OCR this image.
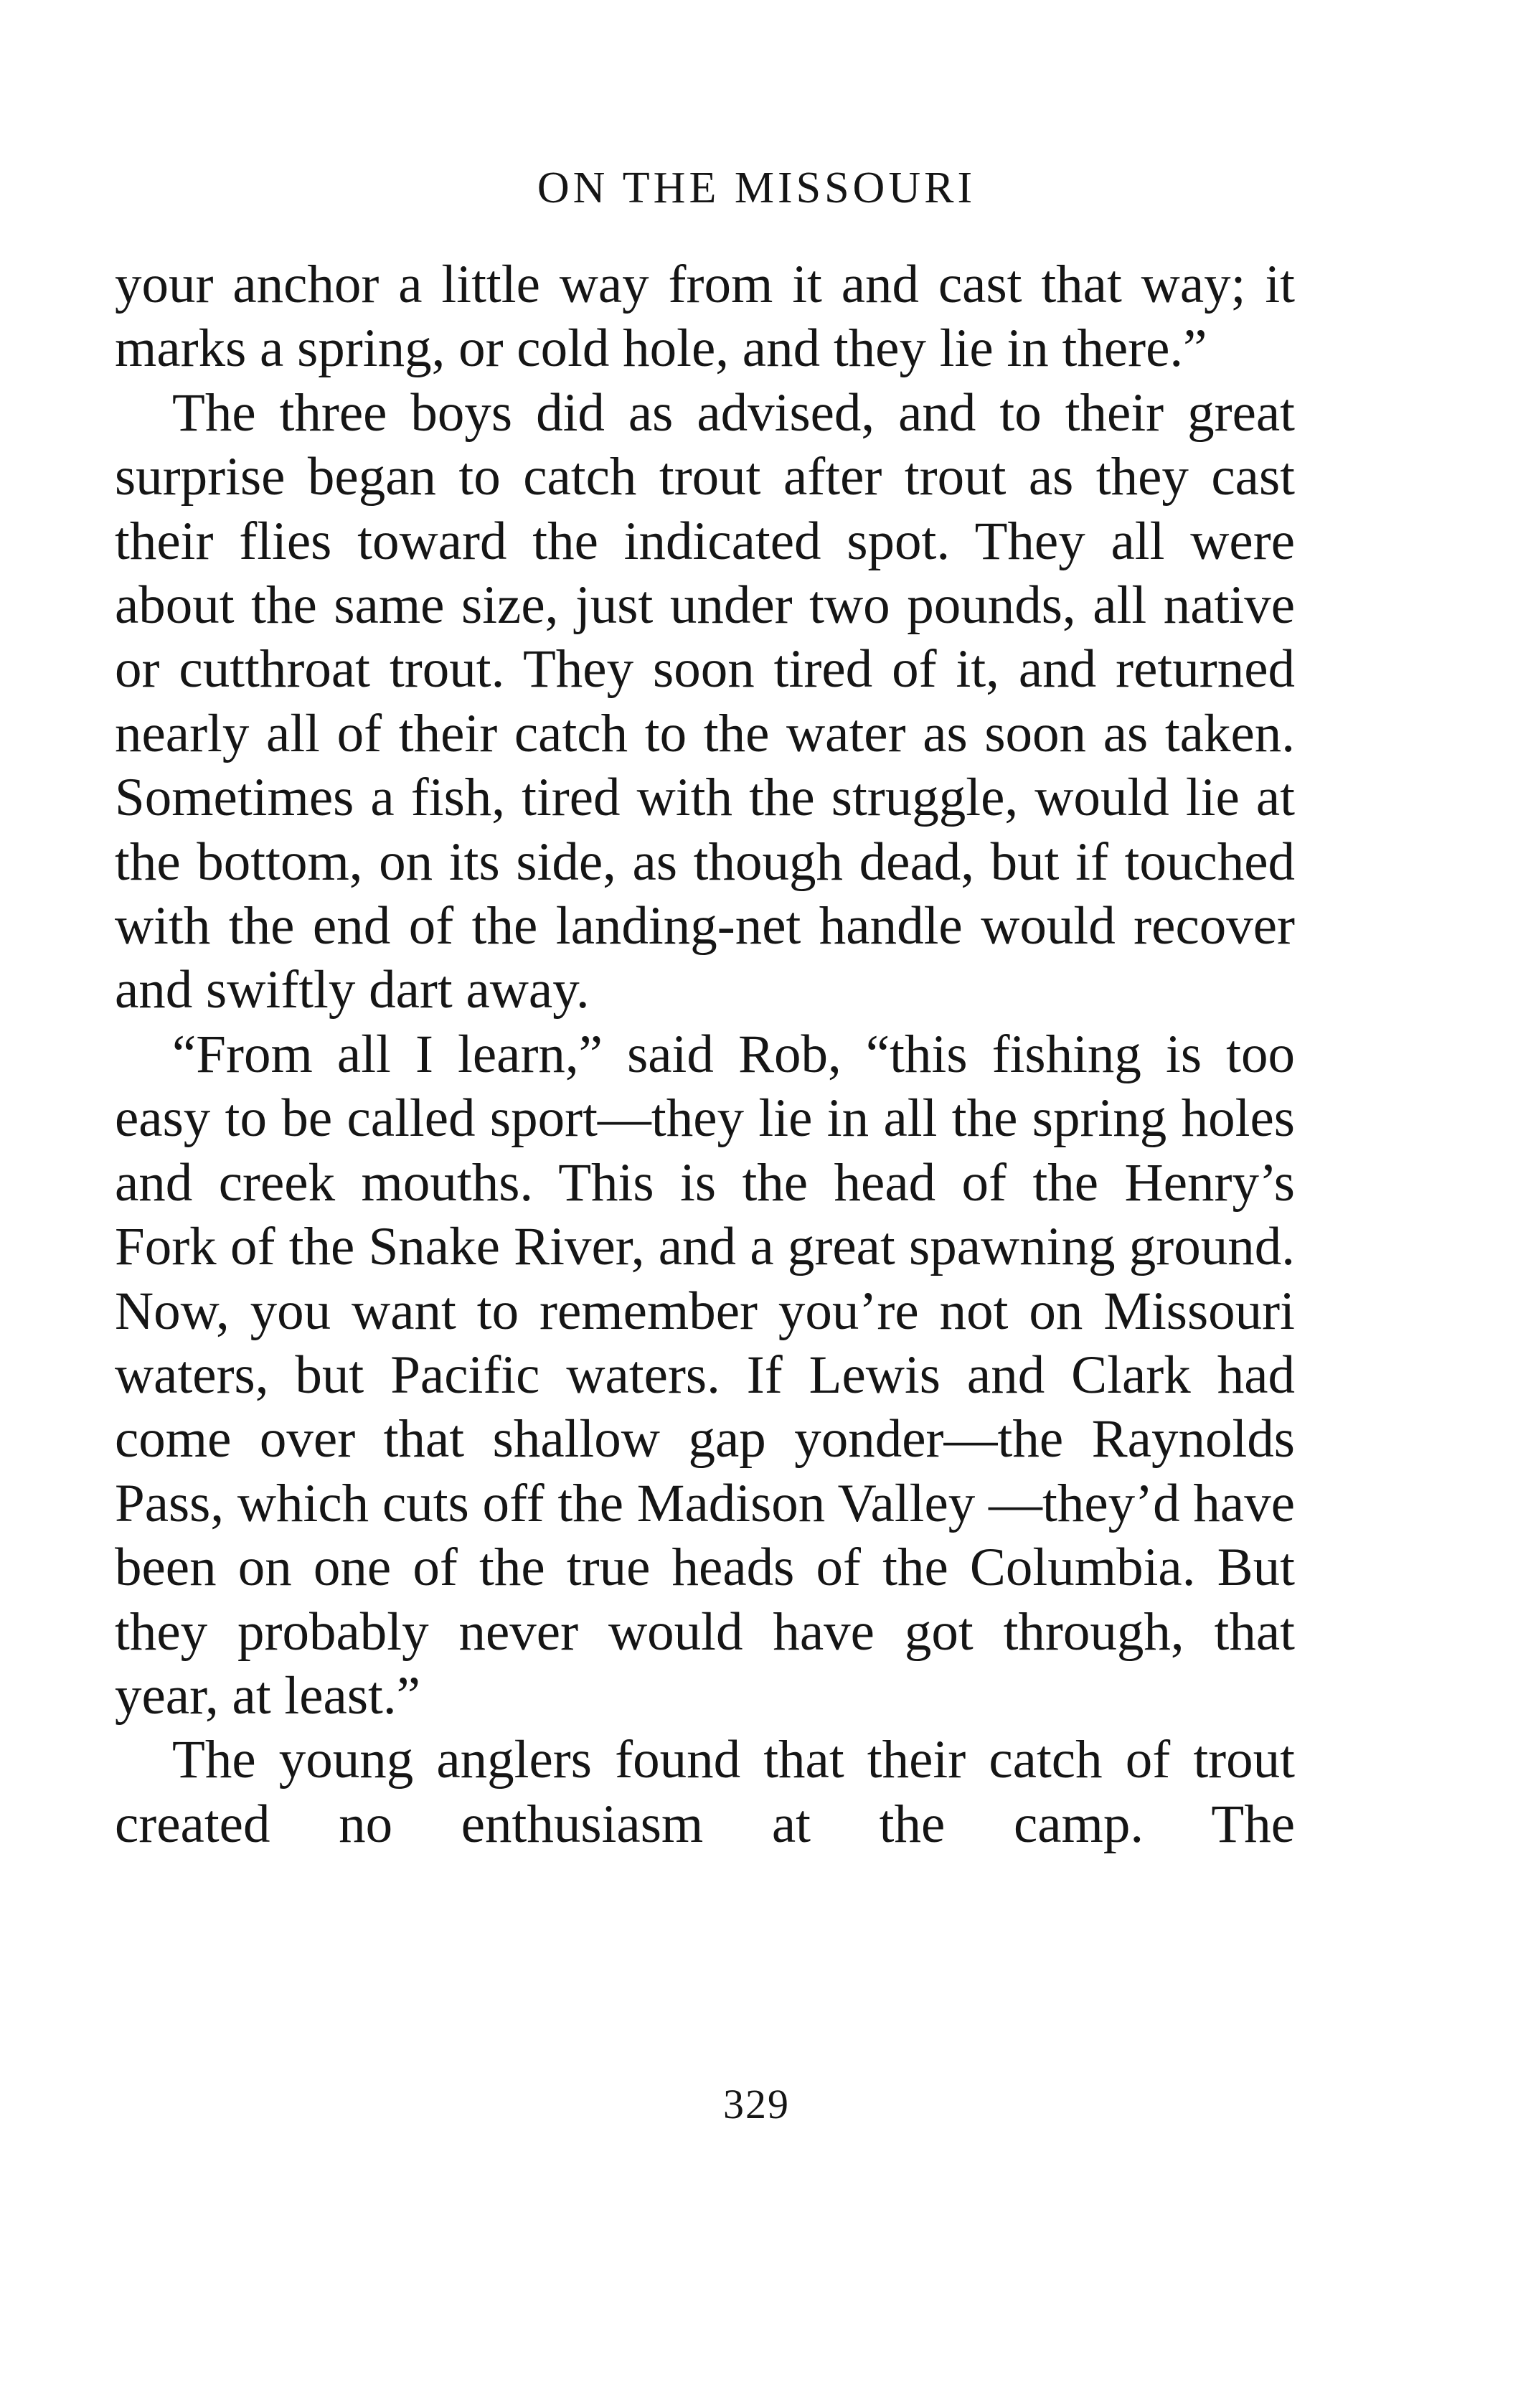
ON THE MISSOURI

your anchor a little way from it and cast that way; it marks a spring, or cold hole, and they lie in there.”

The three boys did as advised, and to their great surprise began to catch trout after trout as they cast their flies toward the indicated spot. They all were about the same size, just under two pounds, all native or cutthroat trout. They soon tired of it, and returned nearly all of their catch to the water as soon as taken. Sometimes a fish, tired with the struggle, would lie at the bottom, on its side, as though dead, but if touched with the end of the landing-net handle would recover and swiftly dart away.

“From all I learn,” said Rob, “this fishing is too easy to be called sport—they lie in all the spring holes and creek mouths. This is the head of the Henry’s Fork of the Snake River, and a great spawning ground. Now, you want to remember you’re not on Missouri waters, but Pacific waters. If Lewis and Clark had come over that shallow gap yonder—the Raynolds Pass, which cuts off the Madison Valley —they’d have been on one of the true heads of the Columbia. But they probably never would have got through, that year, at least.”

The young anglers found that their catch of trout created no enthusiasm at the camp. The

329
